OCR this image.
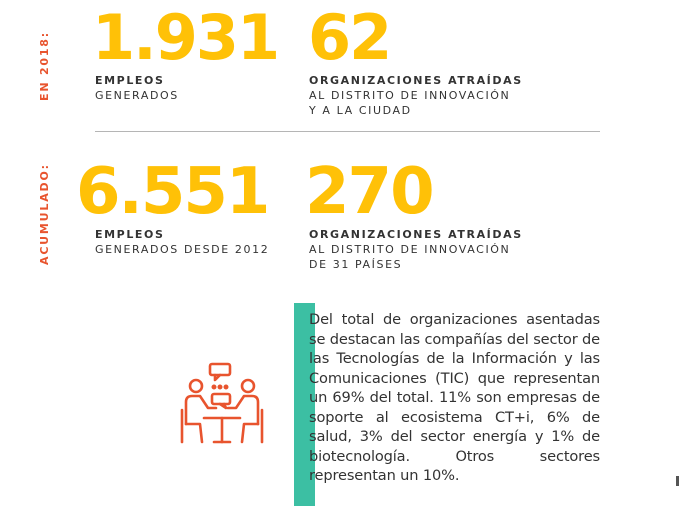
EN 2018: 1.931
EMPLEOS
GENERADOS
62
ORGANIZACIONES ATRAÍDAS
AL DISTRITO DE INNOVACIÓN
Y A LA CIUDAD
ACUMULADO: 6.551
EMPLEOS
GENERADOS DESDE 2012
270
ORGANIZACIONES ATRAÍDAS
AL DISTRITO DE INNOVACIÓN
DE 31 PAÍSES
Del total de organizaciones asentadas se destacan las compañías del sector de las Tecnologías de la Información y las Comunicaciones (TIC) que representan un 69% del total. 11% son empresas de soporte al ecosistema CT+i, 6% de salud, 3% del sector energía y 1% de biotecnología. Otros sectores representan un 10%.
